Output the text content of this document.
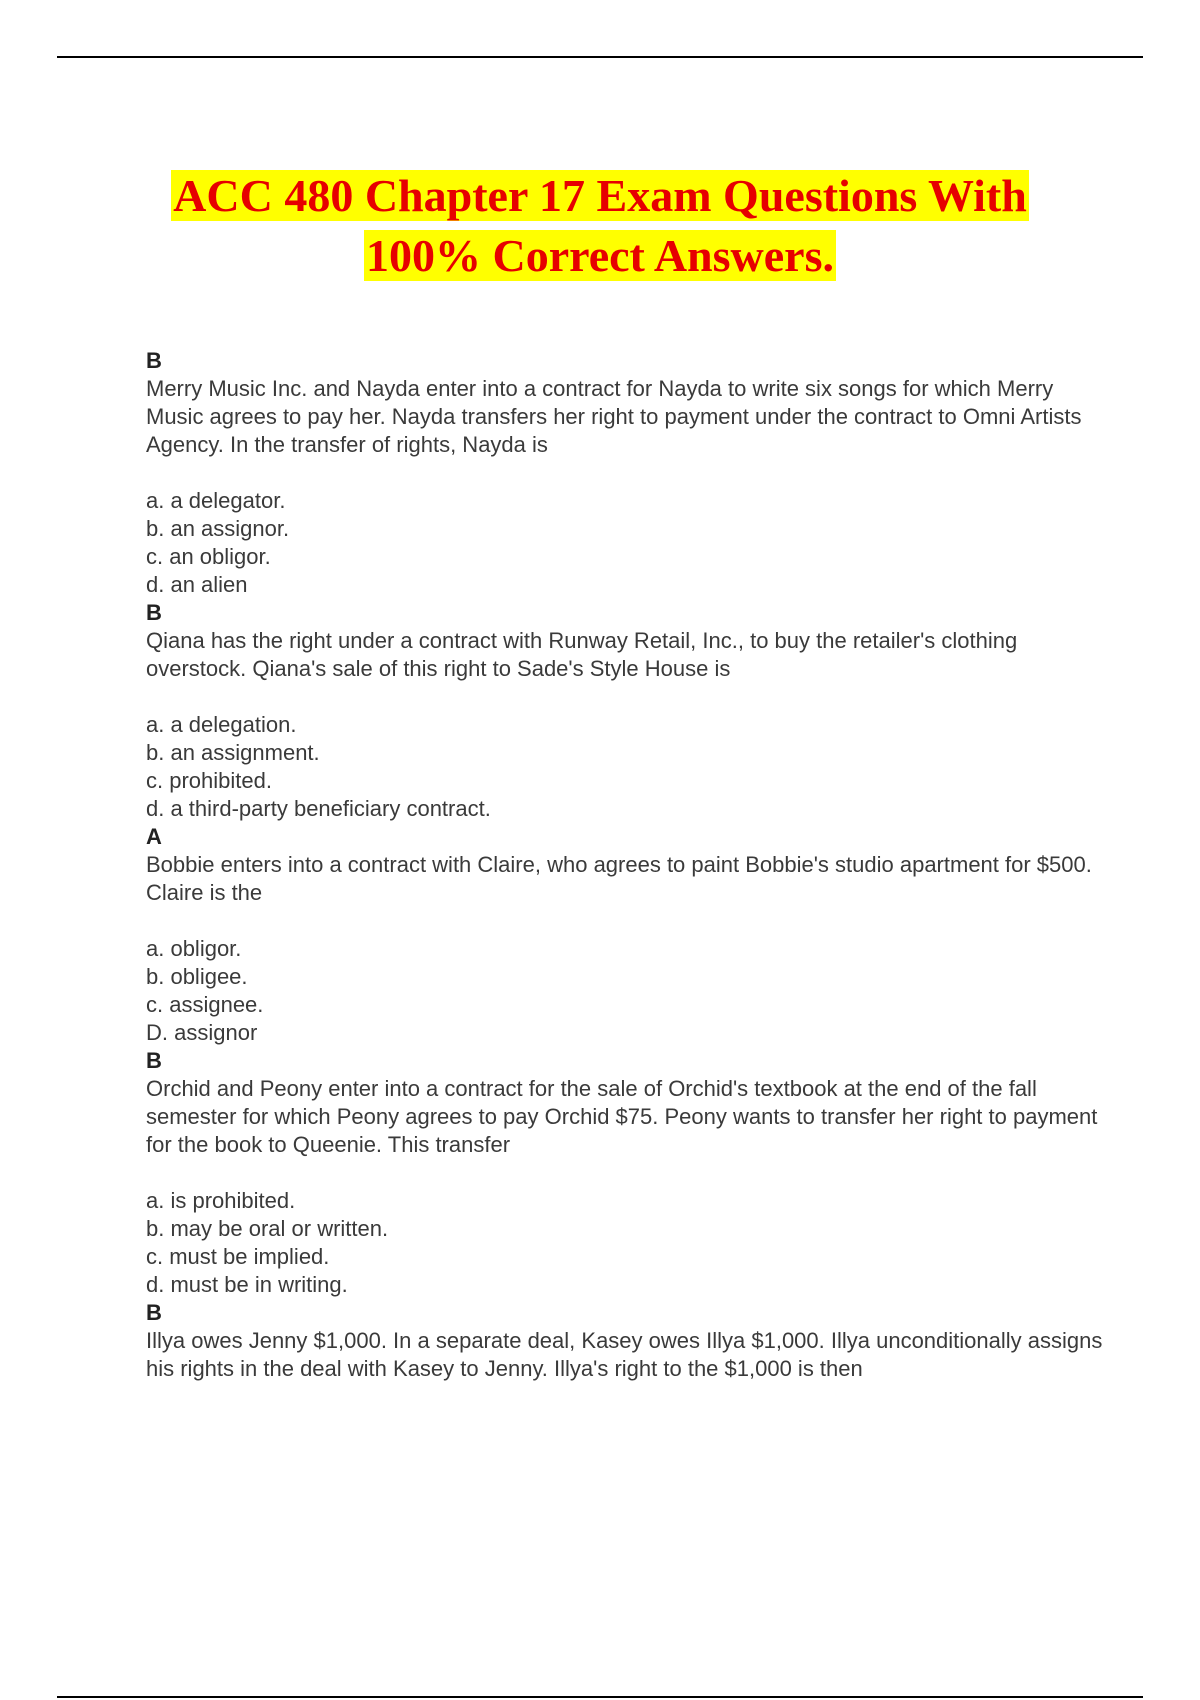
ACC 480 Chapter 17 Exam Questions With
100% Correct Answers.
B
Merry Music Inc. and Nayda enter into a contract for Nayda to write six songs for which Merry Music agrees to pay her. Nayda transfers her right to payment under the contract to Omni Artists Agency. In the transfer of rights, Nayda is
a. a delegator.
b. an assignor.
c. an obligor.
d. an alien
B
Qiana has the right under a contract with Runway Retail, Inc., to buy the retailer's clothing overstock. Qiana's sale of this right to Sade's Style House is
a. a delegation.
b. an assignment.
c. prohibited.
d. a third-party beneficiary contract.
A
Bobbie enters into a contract with Claire, who agrees to paint Bobbie's studio apartment for $500. Claire is the
a. obligor.
b. obligee.
c. assignee.
D. assignor
B
Orchid and Peony enter into a contract for the sale of Orchid's textbook at the end of the fall semester for which Peony agrees to pay Orchid $75. Peony wants to transfer her right to payment for the book to Queenie. This transfer
a. is prohibited.
b. may be oral or written.
c. must be implied.
d. must be in writing.
B
Illya owes Jenny $1,000. In a separate deal, Kasey owes Illya $1,000. Illya unconditionally assigns his rights in the deal with Kasey to Jenny. Illya's right to the $1,000 is then
